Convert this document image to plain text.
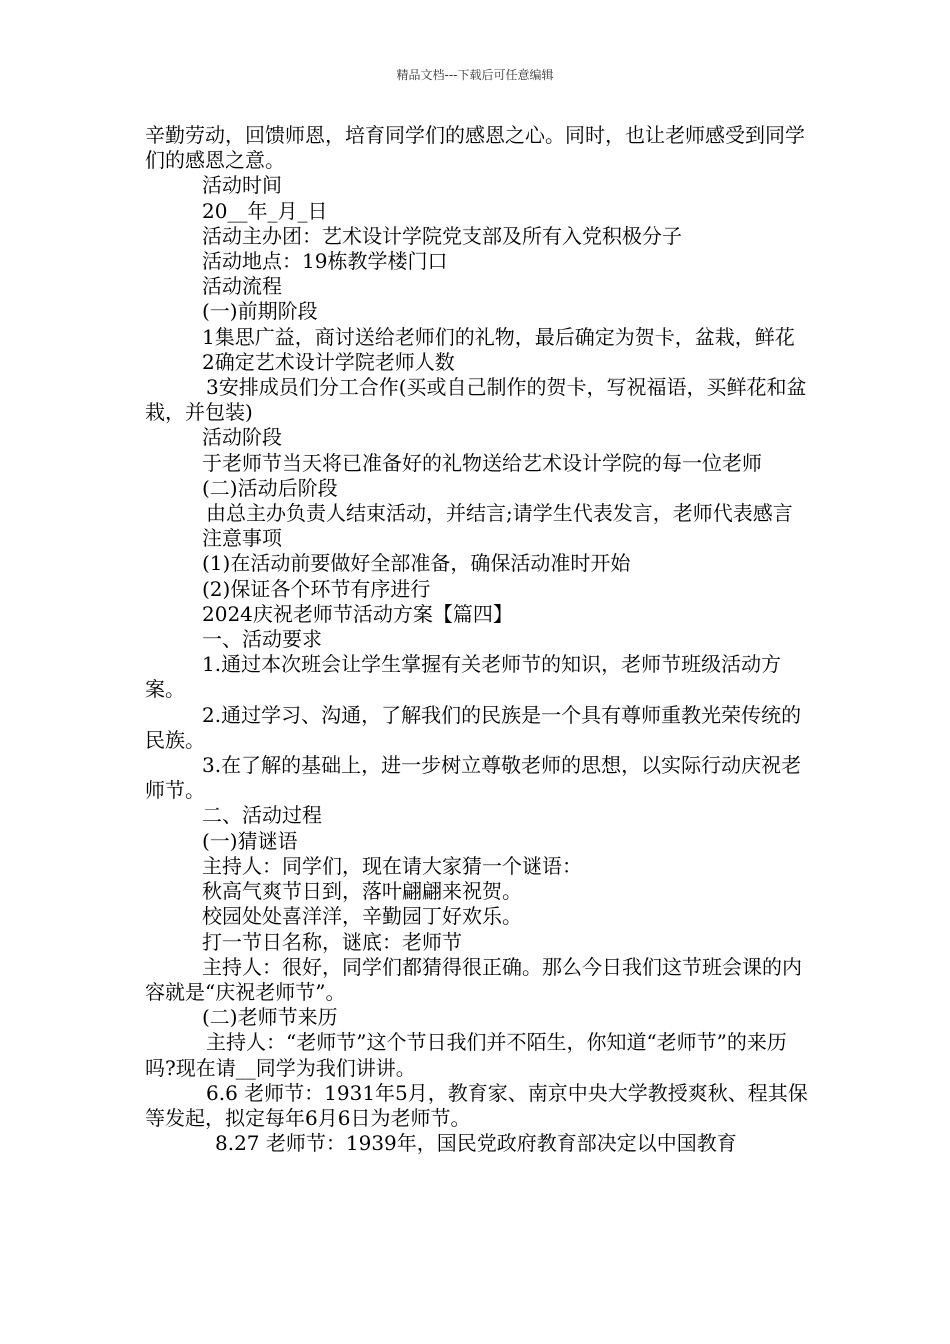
精品文档---下载后可任意编辑

辛勤劳动，回馈师恩，培育同学们的感恩之心。同时，也让老师感受到同学们的感恩之意。

活动时间

20__年_月_日

活动主办团：艺术设计学院党支部及所有入党积极分子

活动地点：19栋教学楼门口

活动流程

(一)前期阶段

1集思广益，商讨送给老师们的礼物，最后确定为贺卡，盆栽，鲜花

2确定艺术设计学院老师人数

3安排成员们分工合作(买或自己制作的贺卡，写祝福语，买鲜花和盆栽，并包装)

活动阶段

于老师节当天将已准备好的礼物送给艺术设计学院的每一位老师

(二)活动后阶段

由总主办负责人结束活动，并结言;请学生代表发言，老师代表感言

注意事项

(1)在活动前要做好全部准备，确保活动准时开始

(2)保证各个环节有序进行

2024庆祝老师节活动方案【篇四】

一、活动要求

1.通过本次班会让学生掌握有关老师节的知识，老师节班级活动方案。

2.通过学习、沟通，了解我们的民族是一个具有尊师重教光荣传统的民族。

3.在了解的基础上，进一步树立尊敬老师的思想，以实际行动庆祝老师节。

二、活动过程

(一)猜谜语

主持人：同学们，现在请大家猜一个谜语：

秋高气爽节日到，落叶翩翩来祝贺。

校园处处喜洋洋，辛勤园丁好欢乐。

打一节日名称，谜底：老师节

主持人：很好，同学们都猜得很正确。那么今日我们这节班会课的内容就是“庆祝老师节”。

(二)老师节来历

主持人：“老师节”这个节日我们并不陌生，你知道“老师节”的来历吗?现在请__同学为我们讲讲。

6.6 老师节：1931年5月，教育家、南京中央大学教授爽秋、程其保等发起，拟定每年6月6日为老师节。

8.27 老师节：1939年，国民党政府教育部决定以中国教育
